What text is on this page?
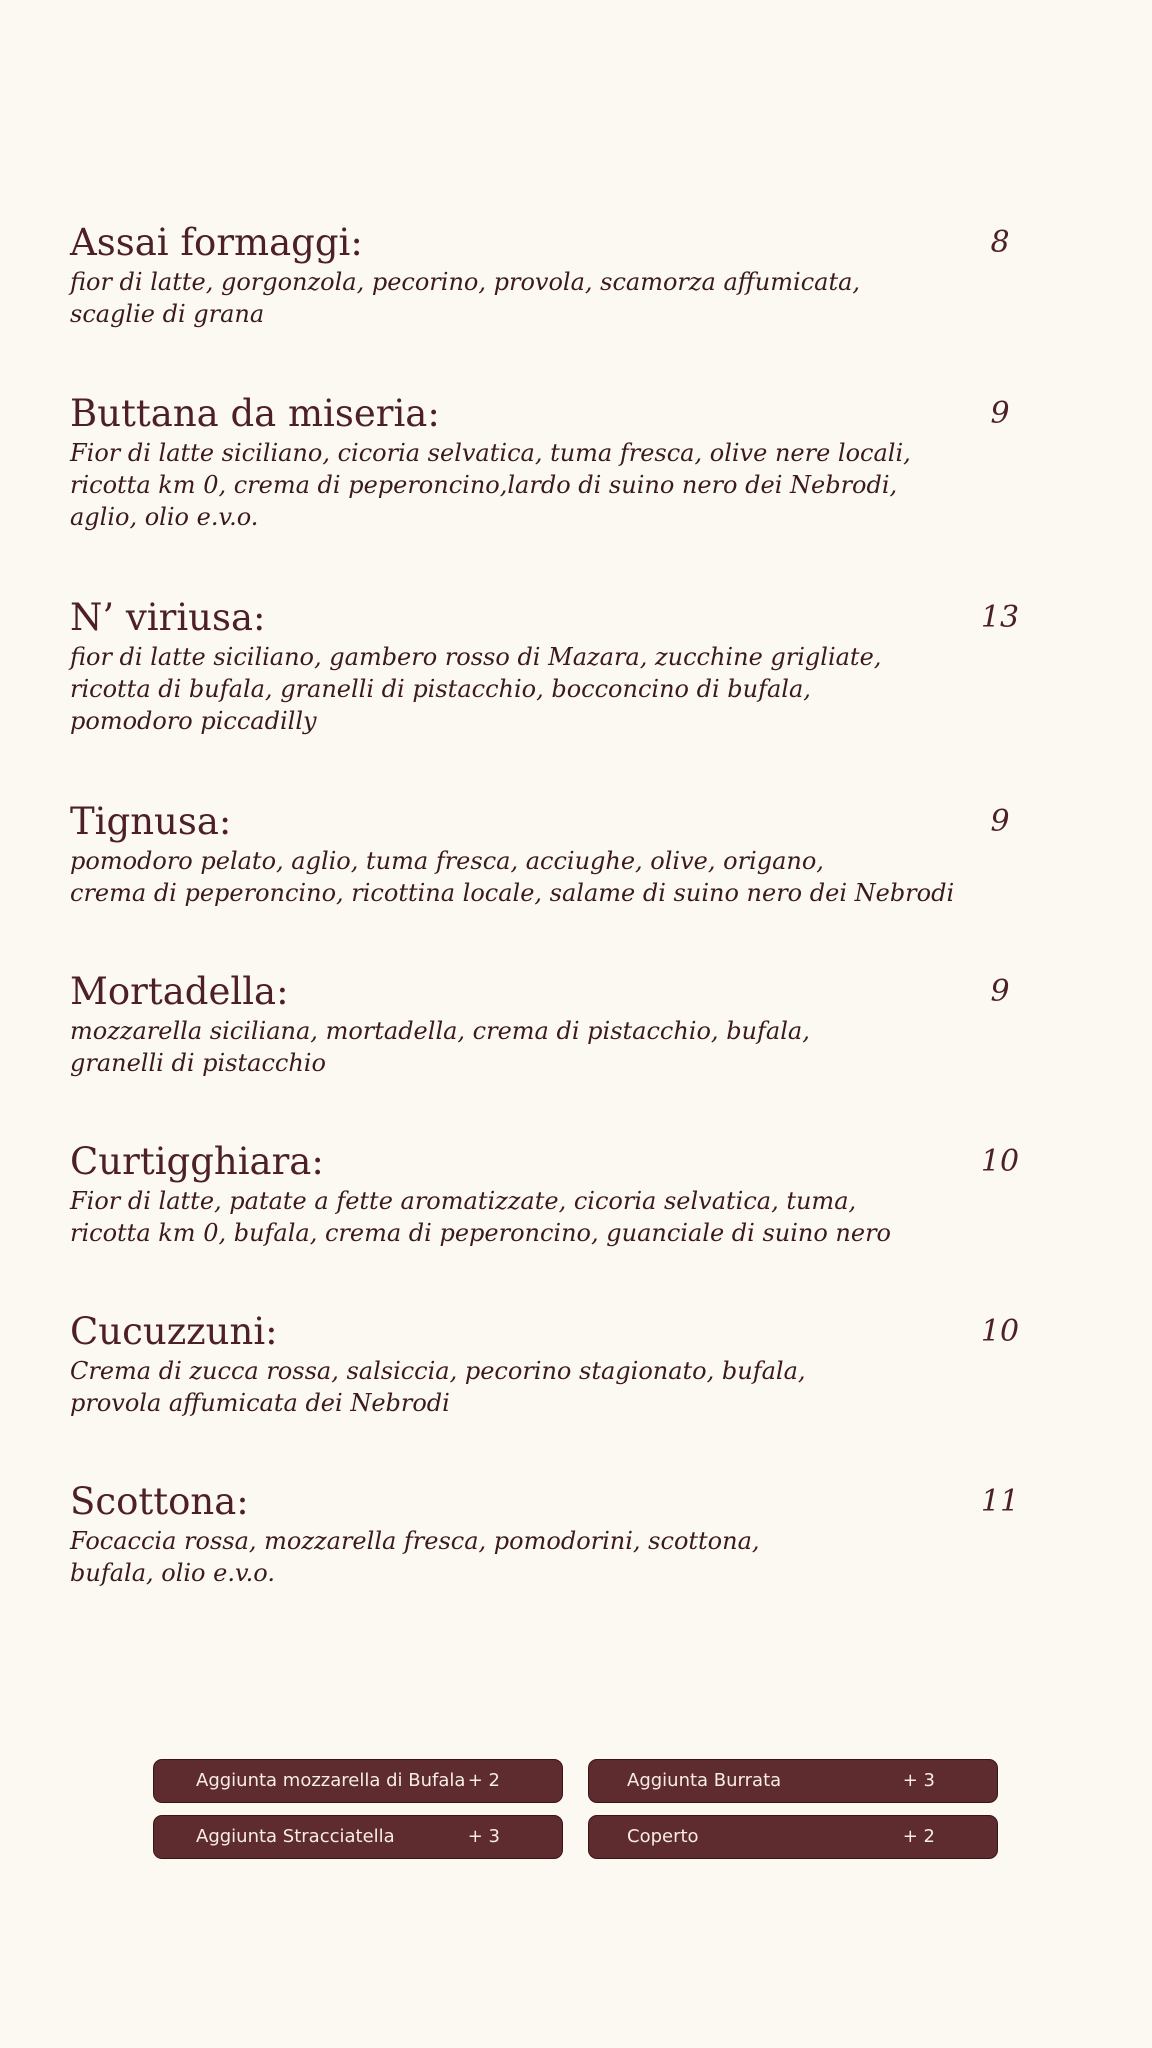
Assai formaggi:	8
fior di latte, gorgonzola, pecorino, provola, scamorza affumicata,
scaglie di grana
Buttana da miseria:	9
Fior di latte siciliano, cicoria selvatica, tuma fresca, olive nere locali,
ricotta km 0, crema di peperoncino,lardo di suino nero dei Nebrodi,
aglio, olio e.v.o.
N’ viriusa:	13
fior di latte siciliano, gambero rosso di Mazara, zucchine grigliate,
ricotta di bufala, granelli di pistacchio, bocconcino di bufala,
pomodoro piccadilly
Tignusa:	9
pomodoro pelato, aglio, tuma fresca, acciughe, olive, origano,
crema di peperoncino, ricottina locale, salame di suino nero dei Nebrodi
Mortadella:	9
mozzarella siciliana, mortadella, crema di pistacchio, bufala,
granelli di pistacchio
Curtigghiara:	10
Fior di latte, patate a fette aromatizzate, cicoria selvatica, tuma,
ricotta km 0, bufala, crema di peperoncino, guanciale di suino nero
Cucuzzuni:	10
Crema di zucca rossa, salsiccia, pecorino stagionato, bufala,
provola affumicata dei Nebrodi
Scottona:	11
Focaccia rossa, mozzarella fresca, pomodorini, scottona,
bufala, olio e.v.o.
Aggiunta mozzarella di Bufala + 2	Aggiunta Burrata	+ 3
Aggiunta Stracciatella	+ 3	Coperto	+ 2
